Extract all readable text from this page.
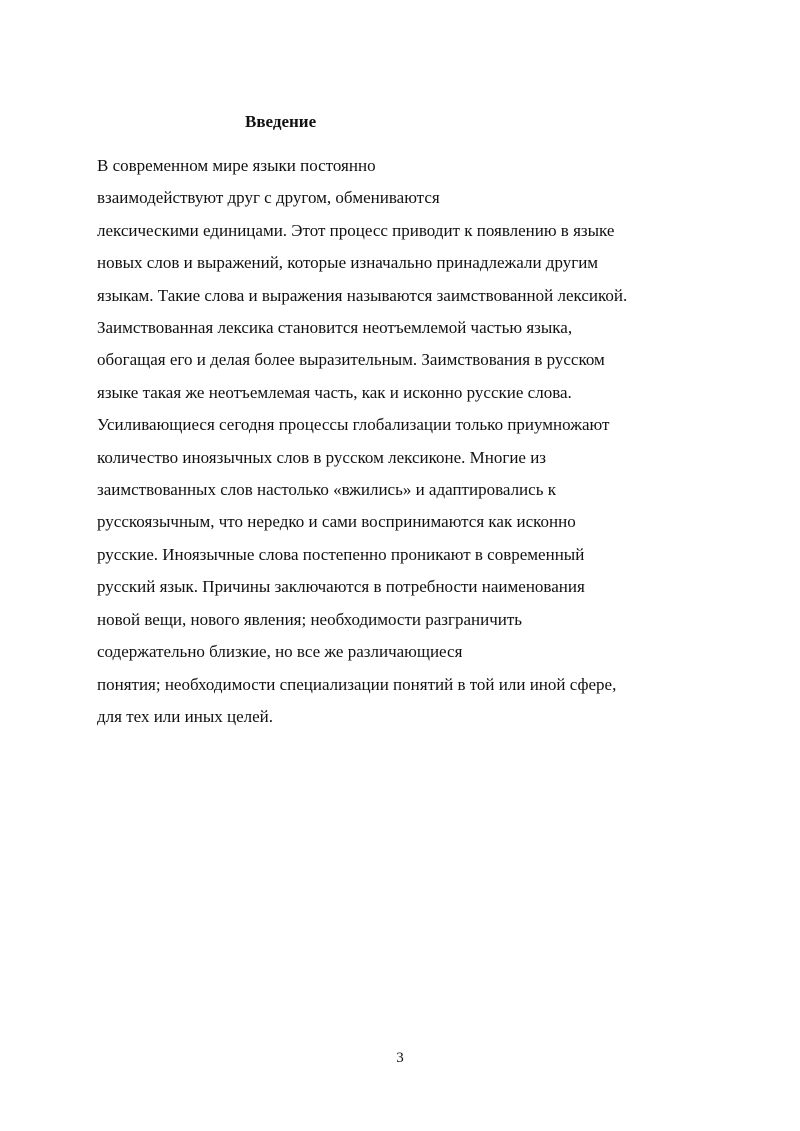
Введение
В современном мире языки постоянно
взаимодействуют друг с другом, обмениваются
лексическими единицами. Этот процесс приводит к появлению в языке
новых слов и выражений, которые изначально принадлежали другим
языкам. Такие слова и выражения называются заимствованной лексикой.
Заимствованная лексика становится неотъемлемой частью языка,
обогащая его и делая более выразительным. Заимствования в русском
языке такая же неотъемлемая часть, как и исконно русские слова.
Усиливающиеся сегодня процессы глобализации только приумножают
количество иноязычных слов в русском лексиконе. Многие из
заимствованных слов настолько «вжились» и адаптировались к
русскоязычным, что нередко и сами воспринимаются как исконно
русские. Иноязычные слова постепенно проникают в современный
русский язык. Причины заключаются в потребности наименования
новой вещи, нового явления; необходимости разграничить
содержательно близкие, но все же различающиеся
понятия; необходимости специализации понятий в той или иной сфере,
для тех или иных целей.
3
